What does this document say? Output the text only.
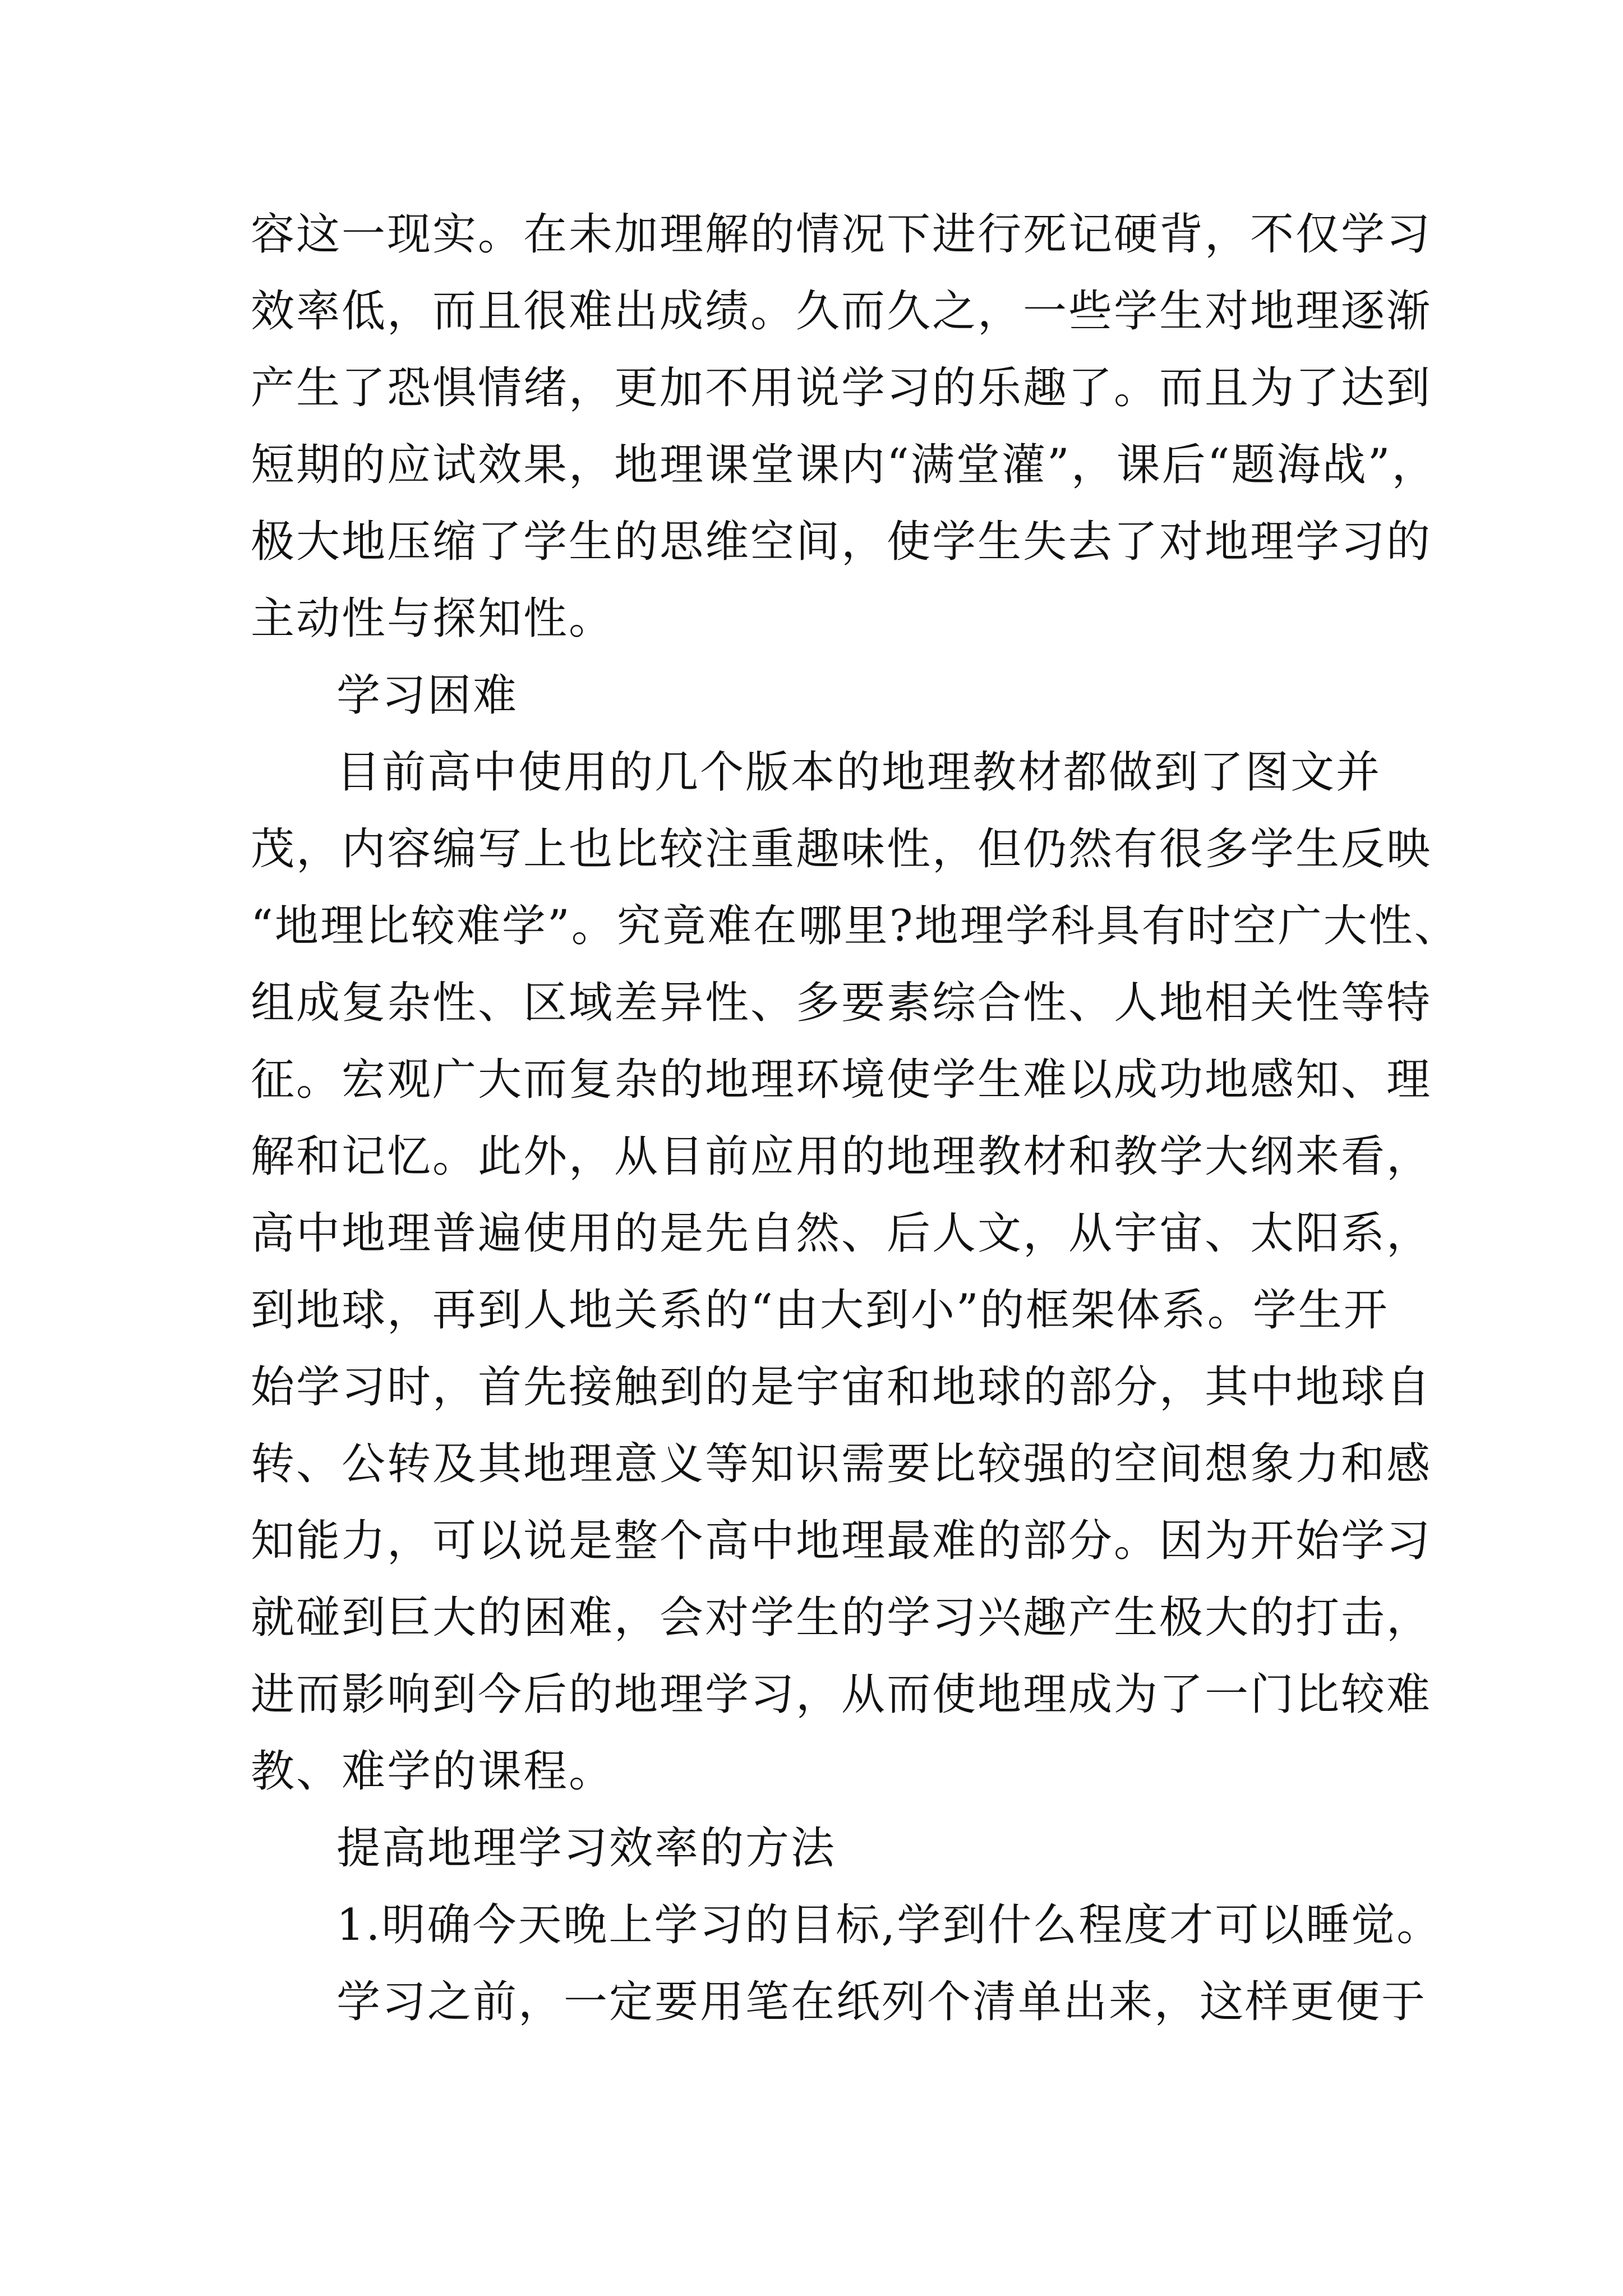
容这一现实。在未加理解的情况下进行死记硬背，不仅学习
效率低，而且很难出成绩。久而久之，一些学生对地理逐渐
产生了恐惧情绪，更加不用说学习的乐趣了。而且为了达到
短期的应试效果，地理课堂课内“满堂灌”，课后“题海战”，
极大地压缩了学生的思维空间，使学生失去了对地理学习的
主动性与探知性。
学习困难
目前高中使用的几个版本的地理教材都做到了图文并
茂，内容编写上也比较注重趣味性，但仍然有很多学生反映
“地理比较难学”。究竟难在哪里?地理学科具有时空广大性、
组成复杂性、区域差异性、多要素综合性、人地相关性等特
征。宏观广大而复杂的地理环境使学生难以成功地感知、理
解和记忆。此外，从目前应用的地理教材和教学大纲来看，
高中地理普遍使用的是先自然、后人文，从宇宙、太阳系，
到地球，再到人地关系的“由大到小”的框架体系。学生开
始学习时，首先接触到的是宇宙和地球的部分，其中地球自
转、公转及其地理意义等知识需要比较强的空间想象力和感
知能力，可以说是整个高中地理最难的部分。因为开始学习
就碰到巨大的困难，会对学生的学习兴趣产生极大的打击，
进而影响到今后的地理学习，从而使地理成为了一门比较难
教、难学的课程。
提高地理学习效率的方法
1.明确今天晚上学习的目标,学到什么程度才可以睡觉。
学习之前，一定要用笔在纸列个清单出来，这样更便于
